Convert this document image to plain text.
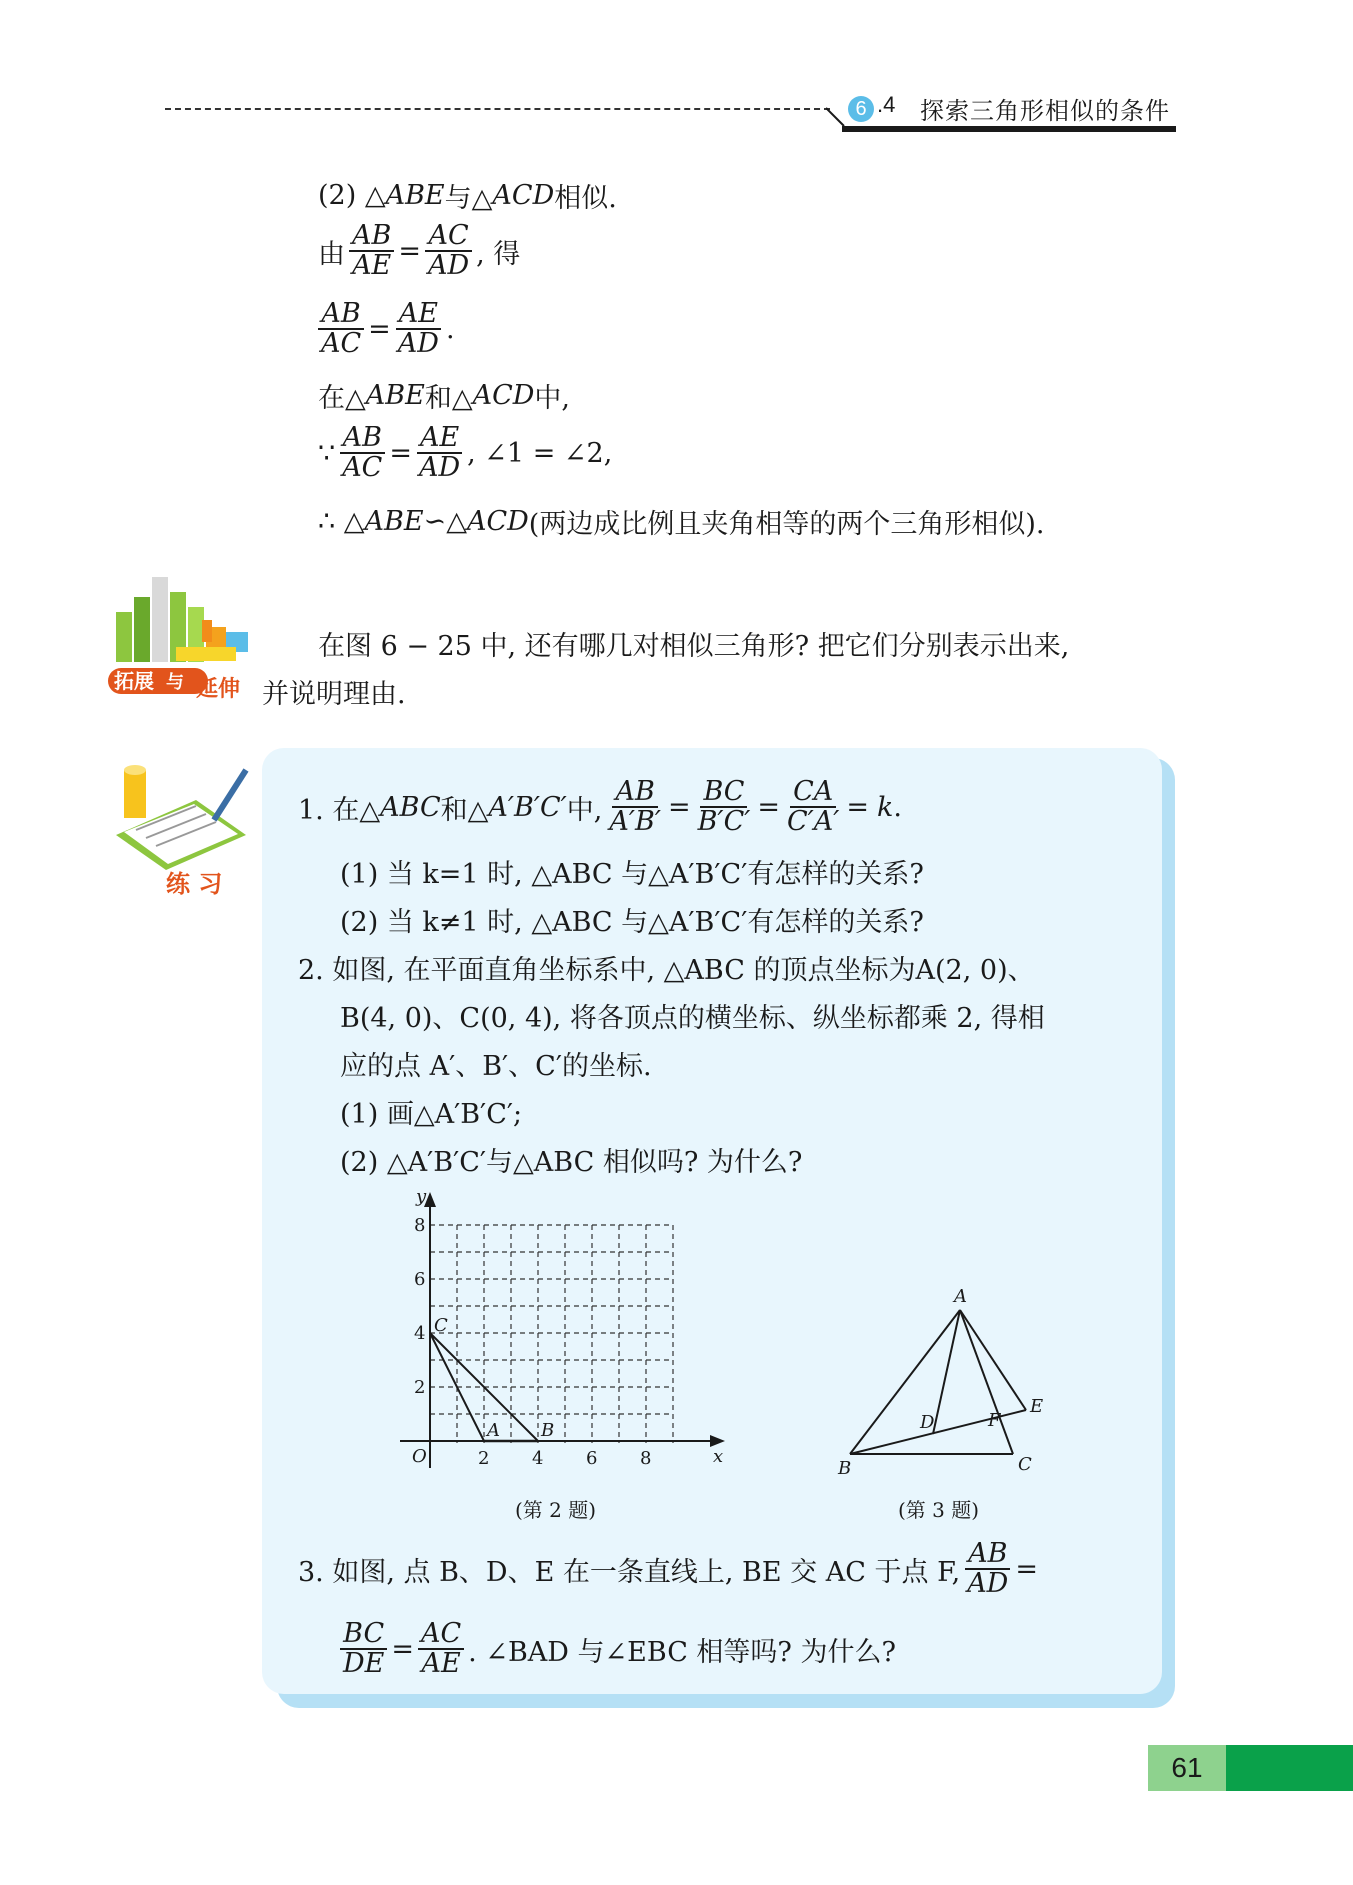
6 .4 探索三角形相似的条件
(2) △ ABE 与△ ACD 相似.
由 $\frac{AB}{AE} = \frac{AC}{AD}$ , 得
$\frac{AB}{AC} = \frac{AE}{AD}$ .
在△ ABE 和△ ACD 中,
∵ $\frac{AB}{AC} = \frac{AE}{AD}$ , ∠1 = ∠2,
∴ △ ABE ∽△ ACD (两边成比例且夹角相等的两个三角形相似).
拓展 与 延伸
在图 6 − 25 中, 还有哪几对相似三角形? 把它们分别表示出来,
并说明理由.
练 习
1. 在△ ABC 和△ A′B′C′ 中, $\frac{AB}{A'B'} = \frac{BC}{B'C'} = \frac{CA}{C'A'} = k$ .
(1) 当 k=1 时, △ABC 与△A′B′C′有怎样的关系?
(2) 当 k≠1 时, △ABC 与△A′B′C′有怎样的关系?
2. 如图, 在平面直角坐标系中, △ABC 的顶点坐标为A(2, 0)、
B(4, 0)、C(0, 4), 将各顶点的横坐标、纵坐标都乘 2, 得相
应的点 A′、B′、C′的坐标.
(1) 画△A′B′C′;
(2) △A′B′C′与△ABC 相似吗? 为什么?
y
x
O	2 4 6 8
2
4
6
8
A B
C
(第 2 题)
A
B	C
D
E
F
(第 3 题)
3. 如图, 点 B、D、E 在一条直线上, BE 交 AC 于点 F, $\frac{AB}{AD}$ =
$\frac{BC}{DE} = \frac{AC}{AE}$ . ∠BAD 与∠EBC 相等吗? 为什么?
61
